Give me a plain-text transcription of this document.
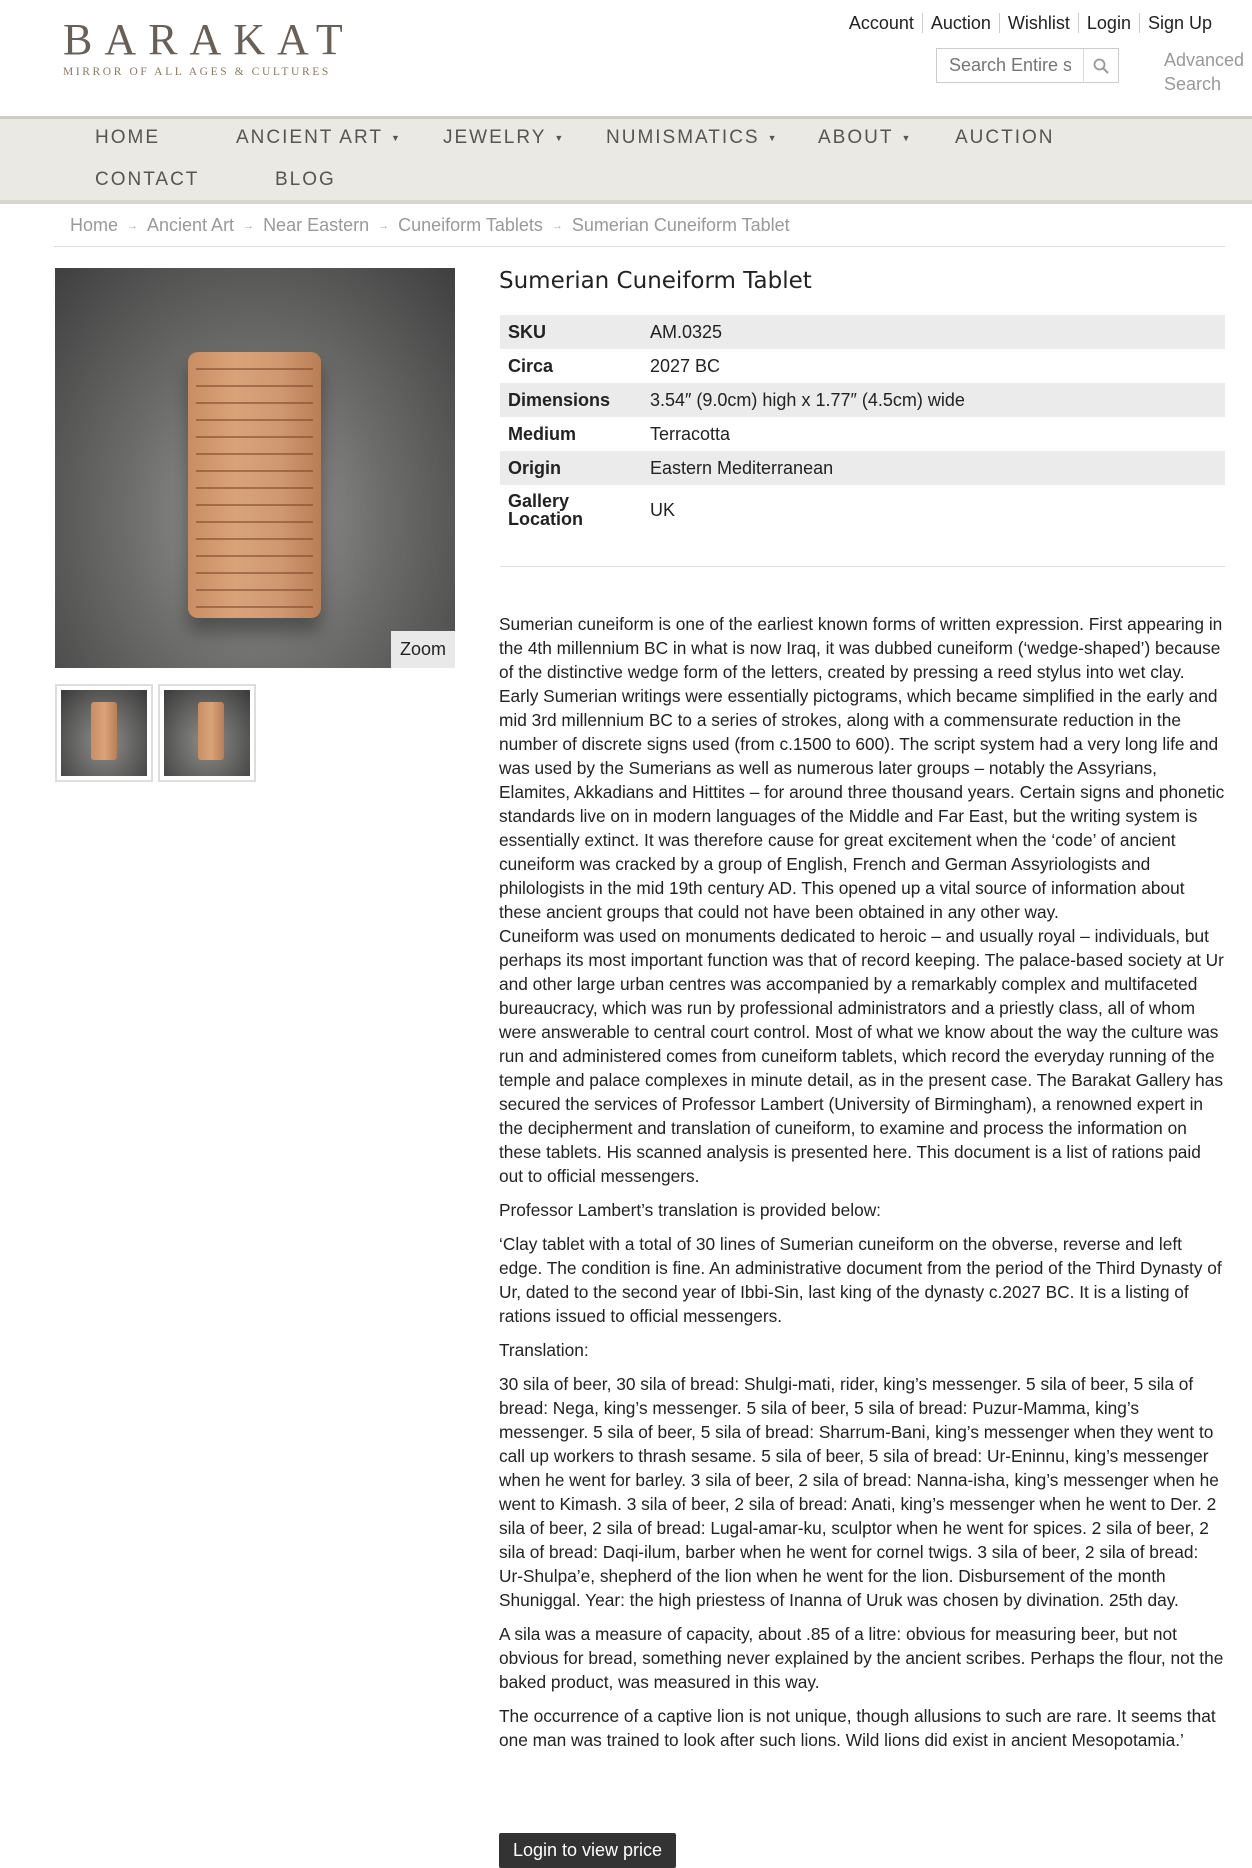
BARAKAT
MIRROR OF ALL AGES & CULTURES
Account Auction Wishlist Login Sign Up
Search Entire store
Advanced
Search
HOME	ANCIENT ART ▼ JEWELRY ▼ NUMISMATICS ▼ ABOUT ▼ AUCTION
CONTACT	BLOG
Home → Ancient Art → Near Eastern → Cuneiform Tablets → Sumerian Cuneiform Tablet
Zoom
Sumerian Cuneiform Tablet
SKU	AM.0325
Circa	2027 BC
Dimensions	3.54″ (9.0cm) high x 1.77″ (4.5cm) wide
Medium	Terracotta
Origin	Eastern Mediterranean
Gallery Location	UK

Sumerian cuneiform is one of the earliest known forms of written expression. First appearing in the 4th millennium BC in what is now Iraq, it was dubbed cuneiform (‘wedge-shaped’) because of the distinctive wedge form of the letters, created by pressing a reed stylus into wet clay. Early Sumerian writings were essentially pictograms, which became simplified in the early and mid 3rd millennium BC to a series of strokes, along with a commensurate reduction in the number of discrete signs used (from c.1500 to 600). The script system had a very long life and was used by the Sumerians as well as numerous later groups – notably the Assyrians, Elamites, Akkadians and Hittites – for around three thousand years. Certain signs and phonetic standards live on in modern languages of the Middle and Far East, but the writing system is essentially extinct. It was therefore cause for great excitement when the ‘code’ of ancient cuneiform was cracked by a group of English, French and German Assyriologists and philologists in the mid 19th century AD. This opened up a vital source of information about these ancient groups that could not have been obtained in any other way.

Cuneiform was used on monuments dedicated to heroic – and usually royal – individuals, but perhaps its most important function was that of record keeping. The palace-based society at Ur and other large urban centres was accompanied by a remarkably complex and multifaceted bureaucracy, which was run by professional administrators and a priestly class, all of whom were answerable to central court control. Most of what we know about the way the culture was run and administered comes from cuneiform tablets, which record the everyday running of the temple and palace complexes in minute detail, as in the present case. The Barakat Gallery has secured the services of Professor Lambert (University of Birmingham), a renowned expert in the decipherment and translation of cuneiform, to examine and process the information on these tablets. His scanned analysis is presented here. This document is a list of rations paid out to official messengers.

Professor Lambert’s translation is provided below:

‘Clay tablet with a total of 30 lines of Sumerian cuneiform on the obverse, reverse and left edge. The condition is fine. An administrative document from the period of the Third Dynasty of Ur, dated to the second year of Ibbi-Sin, last king of the dynasty c.2027 BC. It is a listing of rations issued to official messengers.

Translation:

30 sila of beer, 30 sila of bread: Shulgi-mati, rider, king’s messenger. 5 sila of beer, 5 sila of bread: Nega, king’s messenger. 5 sila of beer, 5 sila of bread: Puzur-Mamma, king’s messenger. 5 sila of beer, 5 sila of bread: Sharrum-Bani, king’s messenger when they went to call up workers to thrash sesame. 5 sila of beer, 5 sila of bread: Ur-Eninnu, king’s messenger when he went for barley. 3 sila of beer, 2 sila of bread: Nanna-isha, king’s messenger when he went to Kimash. 3 sila of beer, 2 sila of bread: Anati, king’s messenger when he went to Der. 2 sila of beer, 2 sila of bread: Lugal-amar-ku, sculptor when he went for spices. 2 sila of beer, 2 sila of bread: Daqi-ilum, barber when he went for cornel twigs. 3 sila of beer, 2 sila of bread: Ur-Shulpa’e, shepherd of the lion when he went for the lion. Disbursement of the month Shuniggal. Year: the high priestess of Inanna of Uruk was chosen by divination. 25th day.

A sila was a measure of capacity, about .85 of a litre: obvious for measuring beer, but not obvious for bread, something never explained by the ancient scribes. Perhaps the flour, not the baked product, was measured in this way.

The occurrence of a captive lion is not unique, though allusions to such are rare. It seems that one man was trained to look after such lions. Wild lions did exist in ancient Mesopotamia.’

Login to view price
